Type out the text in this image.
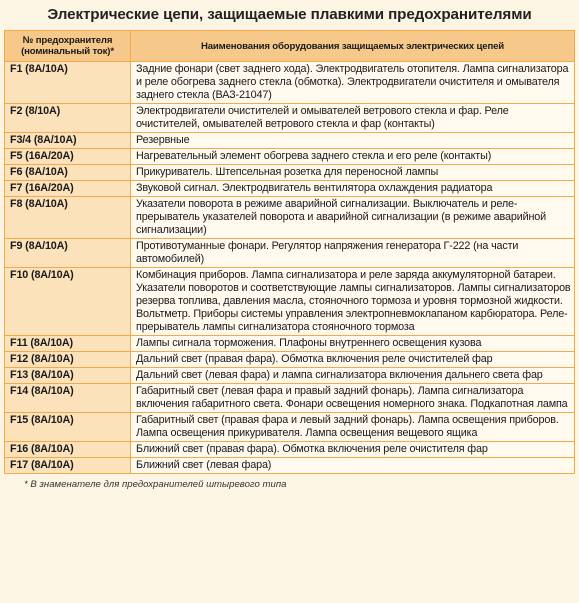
Электрические цепи, защищаемые плавкими предохранителями
№ предохранителя (номинальный ток)*	Наименования оборудования защищаемых электрических цепей
F1 (8A/10A)	Задние фонари (свет заднего хода). Электродвигатель отопителя. Лампа сигнализатора и реле обогрева заднего стекла (обмотка). Электродвигатели очистителя и омывателя заднего стекла (ВАЗ-21047)
F2 (8/10A)	Электродвигатели очистителей и омывателей ветрового стекла и фар. Реле очистителей, омывателей ветрового стекла и фар (контакты)
F3/4 (8A/10A)	Резервные
F5 (16A/20A)	Нагревательный элемент обогрева заднего стекла и его реле (контакты)
F6 (8A/10A)	Прикуриватель. Штепсельная розетка для переносной лампы
F7 (16A/20A)	Звуковой сигнал. Электродвигатель вентилятора охлаждения радиатора
F8 (8A/10A)	Указатели поворота в режиме аварийной сигнализации. Выключатель и реле-прерыватель указателей поворота и аварийной сигнализации (в режиме аварийной сигнализации)
F9 (8A/10A)	Противотуманные фонари. Регулятор напряжения генератора Г-222 (на части автомобилей)
F10 (8A/10A)	Комбинация приборов. Лампа сигнализатора и реле заряда аккумуляторной батареи. Указатели поворотов и соответствующие лампы сигнализаторов. Лампы сигнализаторов резерва топлива, давления масла, стояночного тормоза и уровня тормозной жидкости. Вольтметр. Приборы системы управления электропневмоклапаном карбюратора. Реле-прерыватель лампы сигнализатора стояночного тормоза
F11 (8A/10A)	Лампы сигнала торможения. Плафоны внутреннего освещения кузова
F12 (8A/10A)	Дальний свет (правая фара). Обмотка включения реле очистителей фар
F13 (8A/10A)	Дальний свет (левая фара) и лампа сигнализатора включения дальнего света фар
F14 (8A/10A)	Габаритный свет (левая фара и правый задний фонарь). Лампа сигнализатора включения габаритного света. Фонари освещения номерного знака. Подкапотная лампа
F15 (8A/10A)	Габаритный свет (правая фара и левый задний фонарь). Лампа освещения приборов. Лампа освещения прикуривателя. Лампа освещения вещевого ящика
F16 (8A/10A)	Ближний свет (правая фара). Обмотка включения реле очистителя фар
F17 (8A/10A)	Ближний свет (левая фара)
* В знаменателе для предохранителей штыревого типа
